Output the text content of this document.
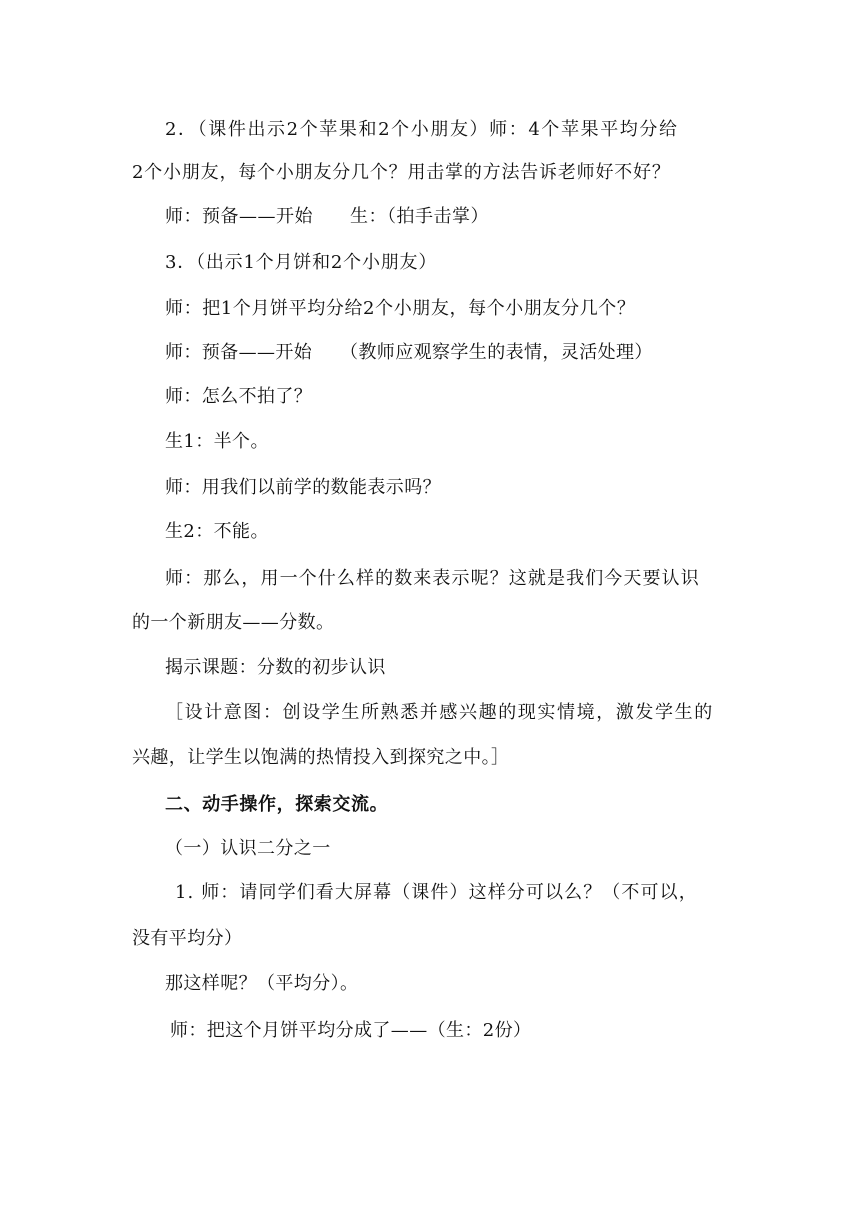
2．（课件出示2个苹果和2个小朋友）师：4个苹果平均分给
2个小朋友，每个小朋友分几个？用击掌的方法告诉老师好不好？
师：预备——开始　　生：（拍手击掌）
3．（出示1个月饼和2个小朋友）
师：把1个月饼平均分给2个小朋友，每个小朋友分几个？
师：预备——开始　　（教师应观察学生的表情，灵活处理）
师：怎么不拍了？
生1：半个。
师：用我们以前学的数能表示吗？
生2：不能。
师：那么，用一个什么样的数来表示呢？这就是我们今天要认识
的一个新朋友——分数。
揭示课题：分数的初步认识
［设计意图：创设学生所熟悉并感兴趣的现实情境，激发学生的
兴趣，让学生以饱满的热情投入到探究之中。］
二、动手操作，探索交流。
（一）认识二分之一
1. 师：请同学们看大屏幕（课件）这样分可以么？（不可以，
没有平均分）
那这样呢？（平均分）。
师：把这个月饼平均分成了——（生：2份）
